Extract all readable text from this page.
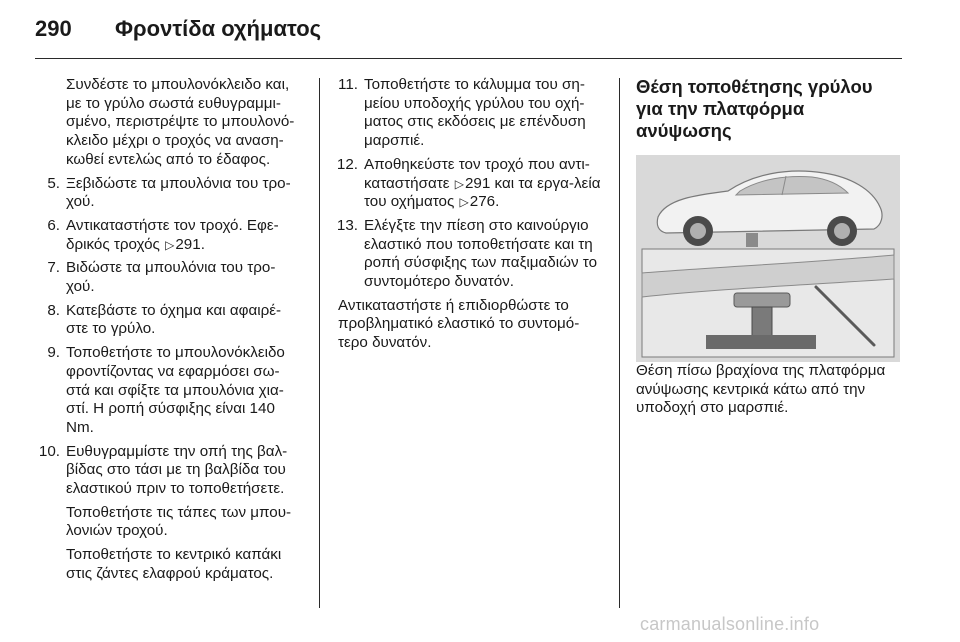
290 Φροντίδα οχήματος

Συνδέστε το μπουλονόκλειδο και, με το γρύλο σωστά ευθυγραμμι-σμένο, περιστρέψτε το μπουλονό-κλειδο μέχρι ο τροχός να αναση-κωθεί εντελώς από το έδαφος.

5. Ξεβιδώστε τα μπουλόνια του τρο-χού.
6. Αντικαταστήστε τον τροχό. Εφε-δρικός τροχός ▷291.
7. Βιδώστε τα μπουλόνια του τρο-χού.
8. Κατεβάστε το όχημα και αφαιρέ-στε το γρύλο.
9. Τοποθετήστε το μπουλονόκλειδο φροντίζοντας να εφαρμόσει σω-στά και σφίξτε τα μπουλόνια χια-στί. Η ροπή σύσφιξης είναι 140 Nm.
10. Ευθυγραμμίστε την οπή της βαλ-βίδας στο τάσι με τη βαλβίδα του ελαστικού πριν το τοποθετήσετε.

Τοποθετήστε τις τάπες των μπου-λονιών τροχού.

Τοποθετήστε το κεντρικό καπάκι στις ζάντες ελαφρού κράματος.

11. Τοποθετήστε το κάλυμμα του ση-μείου υποδοχής γρύλου του οχή-ματος στις εκδόσεις με επένδυση μαρσπιέ.
12. Αποθηκεύστε τον τροχό που αντι-καταστήσατε ▷291 και τα εργα-λεία του οχήματος ▷276.
13. Ελέγξτε την πίεση στο καινούργιο ελαστικό που τοποθετήσατε και τη ροπή σύσφιξης των παξιμαδιών το συντομότερο δυνατόν.

Αντικαταστήστε ή επιδιορθώστε το προβληματικό ελαστικό το συντομό-τερο δυνατόν.

Θέση τοποθέτησης γρύλου για την πλατφόρμα ανύψωσης

Θέση πίσω βραχίονα της πλατφόρμα ανύψωσης κεντρικά κάτω από την υποδοχή στο μαρσπιέ.

carmanualsonline.info
